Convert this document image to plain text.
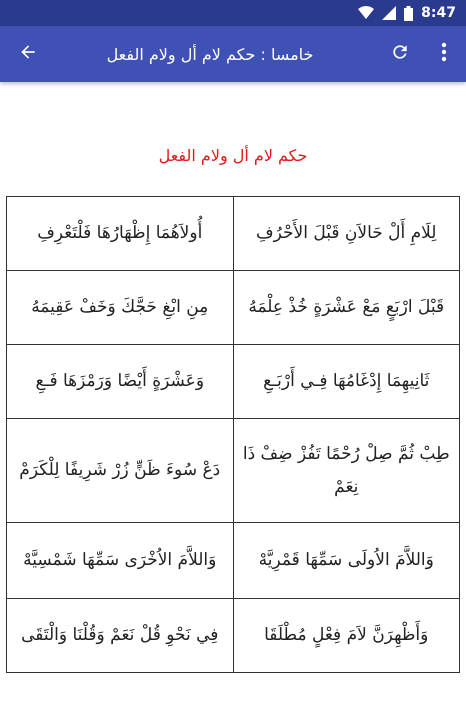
8:47
خامسا : حكم لام أل ولام الفعل
حكم لام أل ولام الفعل
لِلَامِ أَلْ حَالاَنِ قَبْلَ الأَحْرُفِ	أُولاَهُمَا إِظْهَارُهَا فَلْتَعْرِفِ
قَبْلَ ارْبَعٍ مَعْ عَشْرَةٍ خُذْ عِلْمَهُ	مِنِ ابْغِ حَجَّكَ وَخَفْ عَقِيمَهُ
ثَانِيهِمَا إِدْغَامُهَا فِـي أَرْبَـعِ	وَعَشْرَةٍ أَيْضًا وَرَمْزَهَا فَـعِ
طِبْ ثُمَّ صِلْ رُحْمًا تَفُزْ ضِفْ ذَا نِعَمْ	دَعْ سُوءَ ظَنٍّ زُرْ شَرِيفًا لِلْكَرَمْ
وَاللاَّمَ الاُولَى سَمِّهَا قَمْرِيَّهْ	وَاللاَّمَ الاُخْرَى سَمِّهَا شَمْسِيَّهْ
وَأَظْهِرَنَّ لاَمَ فِعْلٍ مُطْلَقَا	فِي نَحْوِ قُلْ نَعَمْ وَقُلْنَا وَالْتَقَى
